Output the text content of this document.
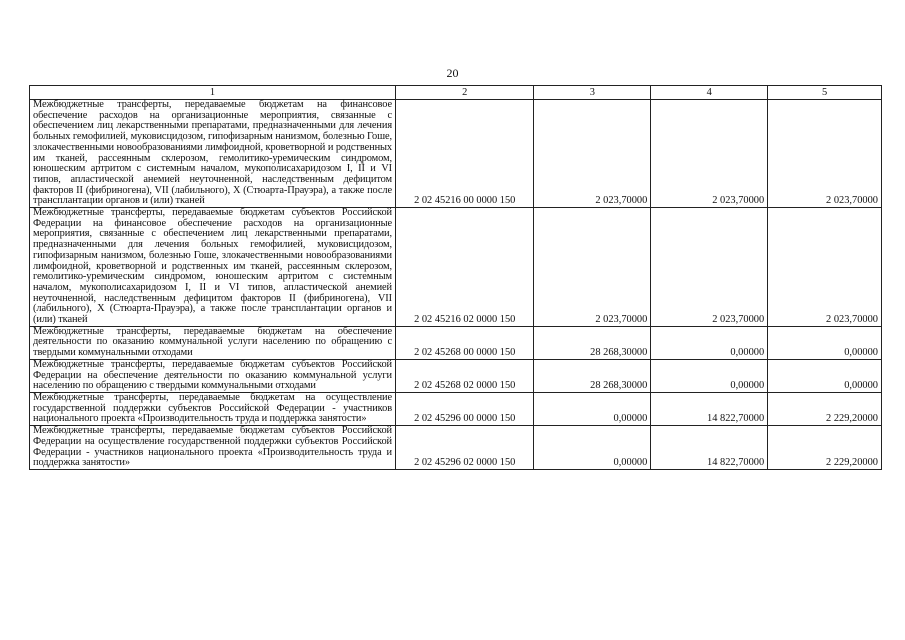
20
1	2	3	4	5
Межбюджетные трансферты, передаваемые бюджетам на финансовое обеспечение расходов на организационные мероприятия, связанные с обеспечением лиц лекарственными препаратами, предназначенными для лечения больных гемофилией, муковисцидозом, гипофизарным нанизмом, болезнью Гоше, злокачественными новообразованиями лимфоидной, кроветворной и родственных им тканей, рассеянным склерозом, гемолитико-уремическим синдромом, юношеским артритом с системным началом, мукополисахаридозом I, II и VI типов, апластической анемией неуточненной, наследственным дефицитом факторов II (фибриногена), VII (лабильного), X (Стюарта-Прауэра), а также после трансплантации органов и (или) тканей	2 02 45216 00 0000 150	2 023,70000	2 023,70000	2 023,70000
Межбюджетные трансферты, передаваемые бюджетам субъектов Российской Федерации на финансовое обеспечение расходов на организационные мероприятия, связанные с обеспечением лиц лекарственными препаратами, предназначенными для лечения больных гемофилией, муковисцидозом, гипофизарным нанизмом, болезнью Гоше, злокачественными новообразованиями лимфоидной, кроветворной и родственных им тканей, рассеянным склерозом, гемолитико-уремическим синдромом, юношеским артритом с системным началом, мукополисахаридозом I, II и VI типов, апластической анемией неуточненной, наследственным дефицитом факторов II (фибриногена), VII (лабильного), X (Стюарта-Прауэра), а также после трансплантации органов и (или) тканей	2 02 45216 02 0000 150	2 023,70000	2 023,70000	2 023,70000
Межбюджетные трансферты, передаваемые бюджетам на обеспечение деятельности по оказанию коммунальной услуги населению по обращению с твердыми коммунальными отходами	2 02 45268 00 0000 150	28 268,30000	0,00000	0,00000
Межбюджетные трансферты, передаваемые бюджетам субъектов Российской Федерации на обеспечение деятельности по оказанию коммунальной услуги населению по обращению с твердыми коммунальными отходами	2 02 45268 02 0000 150	28 268,30000	0,00000	0,00000
Межбюджетные трансферты, передаваемые бюджетам на осуществление государственной поддержки субъектов Российской Федерации - участников национального проекта «Производительность труда и поддержка занятости»	2 02 45296 00 0000 150	0,00000	14 822,70000	2 229,20000
Межбюджетные трансферты, передаваемые бюджетам субъектов Российской Федерации на осуществление государственной поддержки субъектов Российской Федерации - участников национального проекта «Производительность труда и поддержка занятости»	2 02 45296 02 0000 150	0,00000	14 822,70000	2 229,20000
